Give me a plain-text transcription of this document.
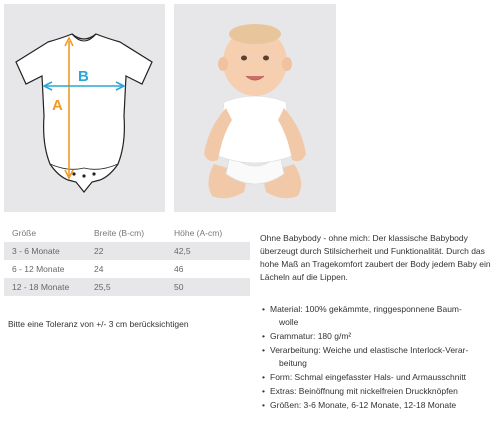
A
B
Größe	Breite (B-cm)	Höhe (A-cm)
3 - 6 Monate	22	42,5
6 - 12 Monate	24	46
12 - 18 Monate	25,5	50
Bitte eine Toleranz von +/- 3 cm berücksichtigen

Ohne Babybody - ohne mich: Der klassische Babybody überzeugt durch Stilsicherheit und Funktionalität. Durch das hohe Maß an Tragekomfort zaubert der Body jedem Baby ein Lächeln auf die Lippen.

• Material: 100% gekämmte, ringgesponnene Baum-
wolle
• Grammatur: 180 g/m²
• Verarbeitung: Weiche und elastische Interlock-Verar-
beitung
• Form: Schmal eingefasster Hals- und Armausschnitt
• Extras: Beinöffnung mit nickelfreien Druckknöpfen
• Größen: 3-6 Monate, 6-12 Monate, 12-18 Monate
